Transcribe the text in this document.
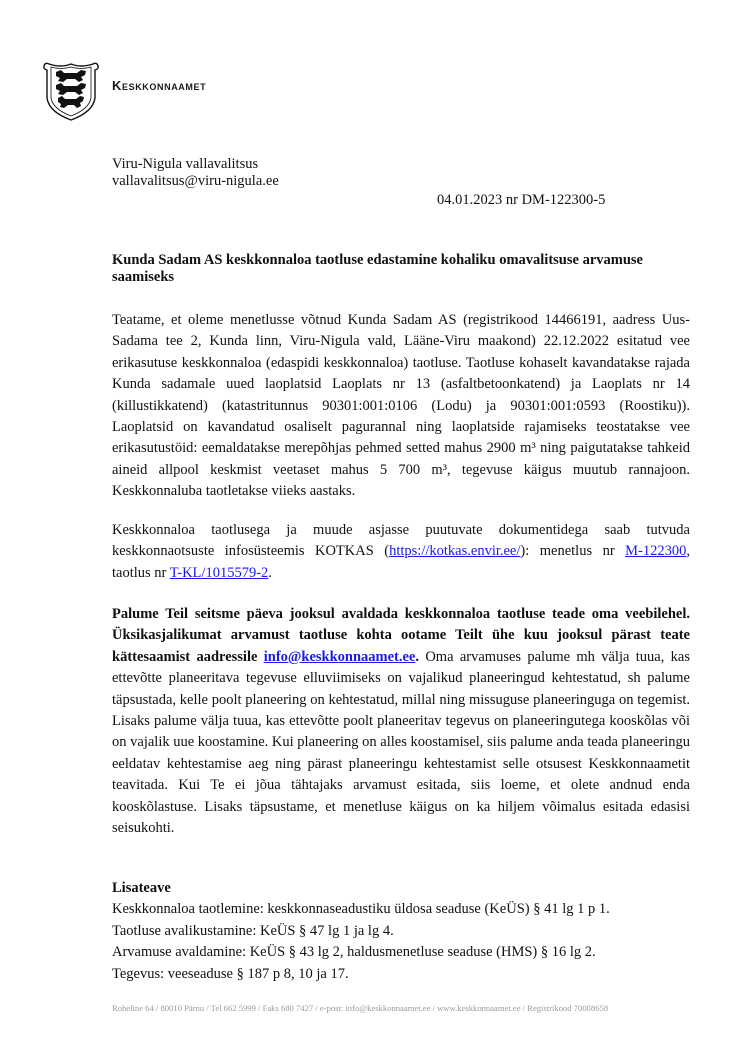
Keskkonnaamet
Viru-Nigula vallavalitsus
vallavalitsus@viru-nigula.ee
04.01.2023 nr DM-122300-5
Kunda Sadam AS keskkonnaloa taotluse edastamine kohaliku omavalitsuse arvamuse saamiseks
Teatame, et oleme menetlusse võtnud Kunda Sadam AS (registrikood 14466191, aadress Uus-Sadama tee 2, Kunda linn, Viru-Nigula vald, Lääne-Viru maakond) 22.12.2022 esitatud vee erikasutuse keskkonnaloa (edaspidi keskkonnaloa) taotluse. Taotluse kohaselt kavandatakse rajada Kunda sadamale uued laoplatsid Laoplats nr 13 (asfaltbetoonkatend) ja Laoplats nr 14 (killustikkatend) (katastritunnus 90301:001:0106 (Lodu) ja 90301:001:0593 (Roostiku)). Laoplatsid on kavandatud osaliselt pagurannal ning laoplatside rajamiseks teostatakse vee erikasutustöid: eemaldatakse merepõhjas pehmed setted mahus 2900 m³ ning paigutatakse tahkeid aineid allpool keskmist veetaset mahus 5 700 m³, tegevuse käigus muutub rannajoon. Keskkonnaluba taotletakse viieks aastaks.
Keskkonnaloa taotlusega ja muude asjasse puutuvate dokumentidega saab tutvuda keskkonnaotsuste infosüsteemis KOTKAS (https://kotkas.envir.ee/): menetlus nr M-122300, taotlus nr T-KL/1015579-2.
Palume Teil seitsme päeva jooksul avaldada keskkonnaloa taotluse teade oma veebilehel. Üksikasjalikumat arvamust taotluse kohta ootame Teilt ühe kuu jooksul pärast teate kättesaamist aadressile info@keskkonnaamet.ee. Oma arvamuses palume mh välja tuua, kas ettevõtte planeeritava tegevuse elluviimiseks on vajalikud planeeringud kehtestatud, sh palume täpsustada, kelle poolt planeering on kehtestatud, millal ning missuguse planeeringuga on tegemist. Lisaks palume välja tuua, kas ettevõtte poolt planeeritav tegevus on planeeringutega kooskõlas või on vajalik uue koostamine. Kui planeering on alles koostamisel, siis palume anda teada planeeringu eeldatav kehtestamise aeg ning pärast planeeringu kehtestamist selle otsusest Keskkonnaametit teavitada. Kui Te ei jõua tähtajaks arvamust esitada, siis loeme, et olete andnud enda kooskõlastuse. Lisaks täpsustame, et menetluse käigus on ka hiljem võimalus esitada edasisi seisukohti.
Lisateave
Keskkonnaloa taotlemine: keskkonnaseadustiku üldosa seaduse (KeÜS) § 41 lg 1 p 1.
Taotluse avalikustamine: KeÜS § 47 lg 1 ja lg 4.
Arvamuse avaldamine: KeÜS § 43 lg 2, haldusmenetluse seaduse (HMS) § 16 lg 2.
Tegevus: veeseaduse § 187 p 8, 10 ja 17.
Roheline 64 / 80010 Pärnu / Tel 662 5999 / Faks 680 7427 / e-post: info@keskkonnaamet.ee / www.keskkonnaamet.ee / Registrikood 70008658
